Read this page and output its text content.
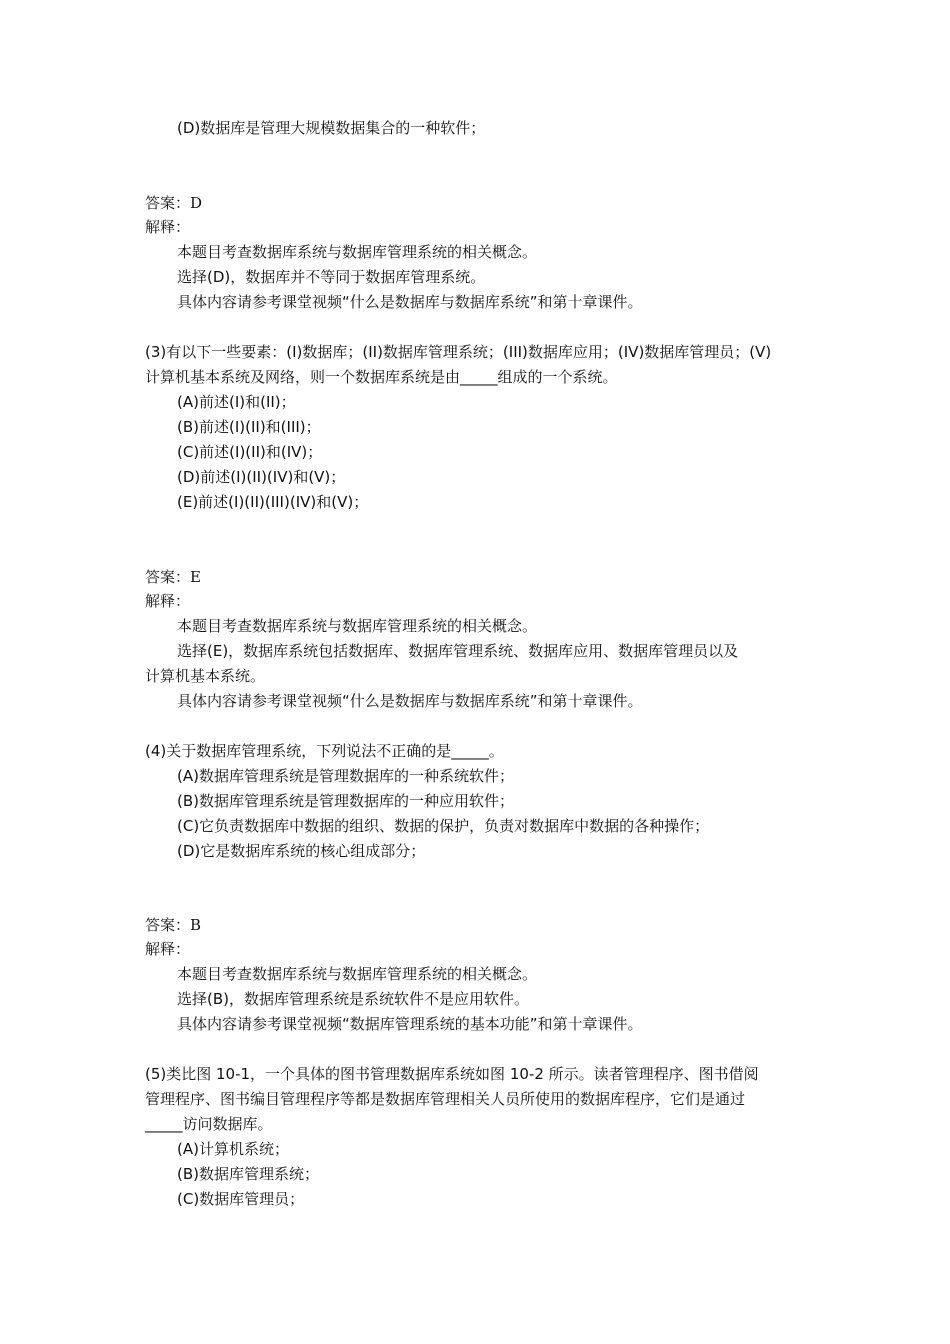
(D)数据库是管理大规模数据集合的一种软件；
答案：D
解释：
本题目考查数据库系统与数据库管理系统的相关概念。
选择(D)，数据库并不等同于数据库管理系统。
具体内容请参考课堂视频“什么是数据库与数据库系统”和第十章课件。
(3)有以下一些要素：(I)数据库；(II)数据库管理系统；(III)数据库应用；(IV)数据库管理员；(V)
计算机基本系统及网络，则一个数据库系统是由_____组成的一个系统。
(A)前述(I)和(II)；
(B)前述(I)(II)和(III)；
(C)前述(I)(II)和(IV)；
(D)前述(I)(II)(IV)和(V)；
(E)前述(I)(II)(III)(IV)和(V)；
答案：E
解释：
本题目考查数据库系统与数据库管理系统的相关概念。
选择(E)，数据库系统包括数据库、数据库管理系统、数据库应用、数据库管理员以及
计算机基本系统。
具体内容请参考课堂视频“什么是数据库与数据库系统”和第十章课件。
(4)关于数据库管理系统，下列说法不正确的是_____。
(A)数据库管理系统是管理数据库的一种系统软件；
(B)数据库管理系统是管理数据库的一种应用软件；
(C)它负责数据库中数据的组织、数据的保护，负责对数据库中数据的各种操作；
(D)它是数据库系统的核心组成部分；
答案：B
解释：
本题目考查数据库系统与数据库管理系统的相关概念。
选择(B)，数据库管理系统是系统软件不是应用软件。
具体内容请参考课堂视频“数据库管理系统的基本功能”和第十章课件。
(5)类比图 10-1，一个具体的图书管理数据库系统如图 10-2 所示。读者管理程序、图书借阅
管理程序、图书编目管理程序等都是数据库管理相关人员所使用的数据库程序，它们是通过
_____访问数据库。
(A)计算机系统；
(B)数据库管理系统；
(C)数据库管理员；
